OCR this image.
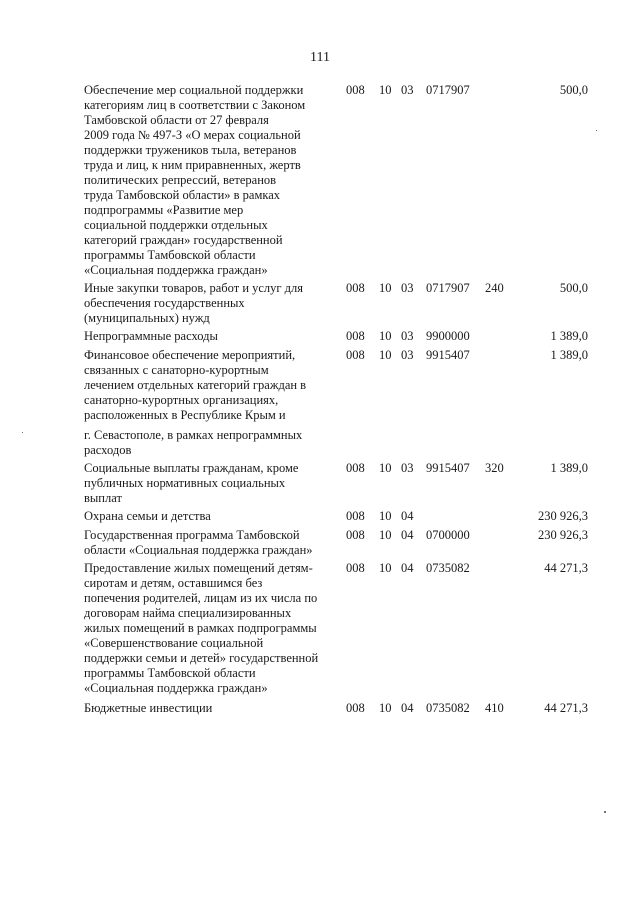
111
Обеспечение мер социальной поддержки
категориям лиц в соответствии с Законом
Тамбовской области от 27 февраля
2009 года № 497-З «О мерах социальной
поддержки тружеников тыла, ветеранов
труда и лиц, к ним приравненных, жертв
политических репрессий, ветеранов
труда Тамбовской области» в рамках
подпрограммы «Развитие мер
социальной поддержки отдельных
категорий граждан» государственной
программы Тамбовской области
«Социальная поддержка граждан»
008 10 03 0717907	500,0
Иные закупки товаров, работ и услуг для
обеспечения государственных
(муниципальных) нужд
008 10 03 0717907 240	500,0
Непрограммные расходы	008 10 03 9900000	1 389,0
Финансовое обеспечение мероприятий,
связанных с санаторно-курортным
лечением отдельных категорий граждан в
санаторно-курортных организациях,
расположенных в Республике Крым и
008 10 03 9915407	1 389,0
г. Севастополе, в рамках непрограммных
расходов
Социальные выплаты гражданам, кроме
публичных нормативных социальных
выплат
008 10 03 9915407 320	1 389,0
Охрана семьи и детства	008 10 04	230 926,3
Государственная программа Тамбовской
области «Социальная поддержка граждан»
008 10 04 0700000	230 926,3
Предоставление жилых помещений детям-
сиротам и детям, оставшимся без
попечения родителей, лицам из их числа по
договорам найма специализированных
жилых помещений в рамках подпрограммы
«Совершенствование социальной
поддержки семьи и детей» государственной
программы Тамбовской области
«Социальная поддержка граждан»
008 10 04 0735082	44 271,3
Бюджетные инвестиции	008 10 04 0735082 410	44 271,3
